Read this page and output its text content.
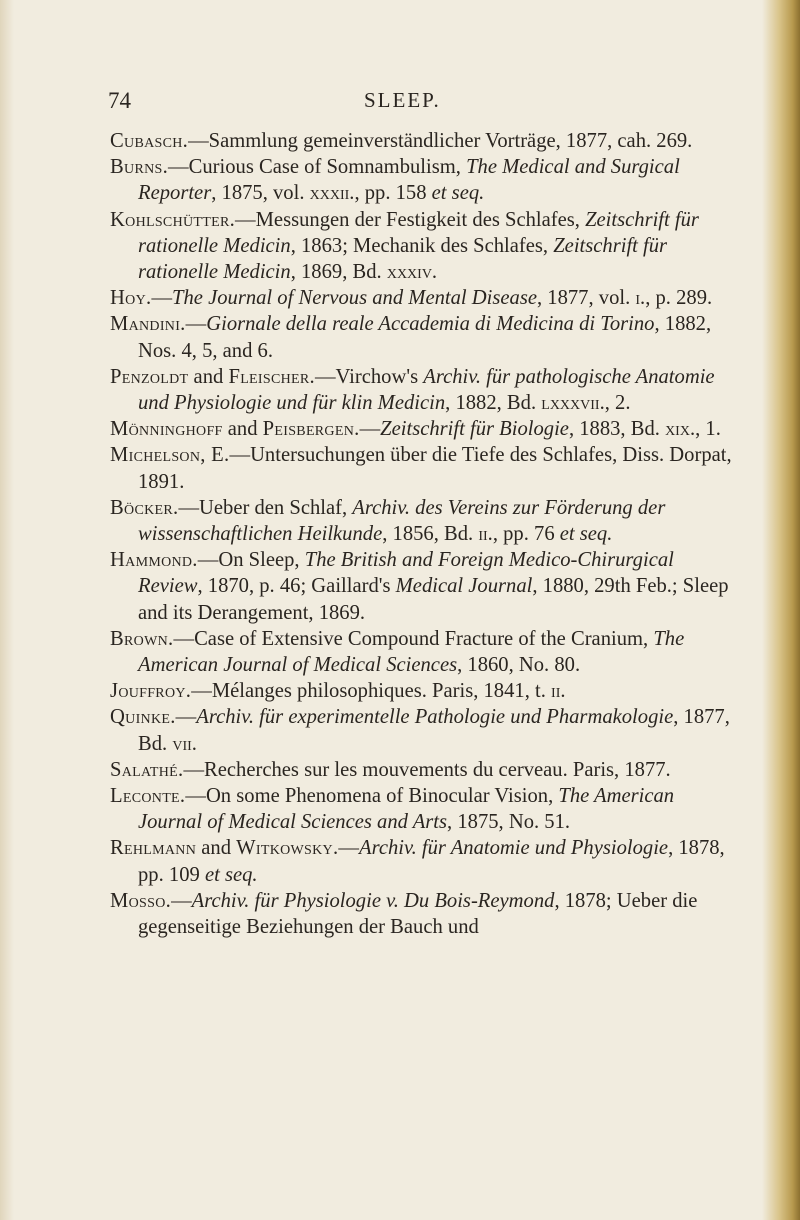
74	SLEEP.

Cubasch.—Sammlung gemeinverständlicher Vorträge, 1877, cah. 269.

Burns.—Curious Case of Somnambulism, The Medical and Surgical Reporter, 1875, vol. xxxii., pp. 158 et seq.

Kohlschütter.—Messungen der Festigkeit des Schlafes, Zeitschrift für rationelle Medicin, 1863; Mechanik des Schlafes, Zeitschrift für rationelle Medicin, 1869, Bd. xxxiv.

Hoy.—The Journal of Nervous and Mental Disease, 1877, vol. i., p. 289.

Mandini.—Giornale della reale Accademia di Medicina di Torino, 1882, Nos. 4, 5, and 6.

Penzoldt and Fleischer.—Virchow's Archiv. für pathologische Anatomie und Physiologie und für klin Medicin, 1882, Bd. lxxxvii., 2.

Mönninghoff and Peisbergen.—Zeitschrift für Biologie, 1883, Bd. xix., 1.

Michelson, E.—Untersuchungen über die Tiefe des Schlafes, Diss. Dorpat, 1891.

Böcker.—Ueber den Schlaf, Archiv. des Vereins zur Förderung der wissenschaftlichen Heilkunde, 1856, Bd. ii., pp. 76 et seq.

Hammond.—On Sleep, The British and Foreign Medico-Chirurgical Review, 1870, p. 46; Gaillard's Medical Journal, 1880, 29th Feb.; Sleep and its Derangement, 1869.

Brown.—Case of Extensive Compound Fracture of the Cranium, The American Journal of Medical Sciences, 1860, No. 80.

Jouffroy.—Mélanges philosophiques. Paris, 1841, t. ii.

Quinke.—Archiv. für experimentelle Pathologie und Pharmakologie, 1877, Bd. vii.

Salathé.—Recherches sur les mouvements du cerveau. Paris, 1877.

Leconte.—On some Phenomena of Binocular Vision, The American Journal of Medical Sciences and Arts, 1875, No. 51.

Rehlmann and Witkowsky.—Archiv. für Anatomie und Physiologie, 1878, pp. 109 et seq.

Mosso.—Archiv. für Physiologie v. Du Bois-Reymond, 1878; Ueber die gegenseitige Beziehungen der Bauch und
